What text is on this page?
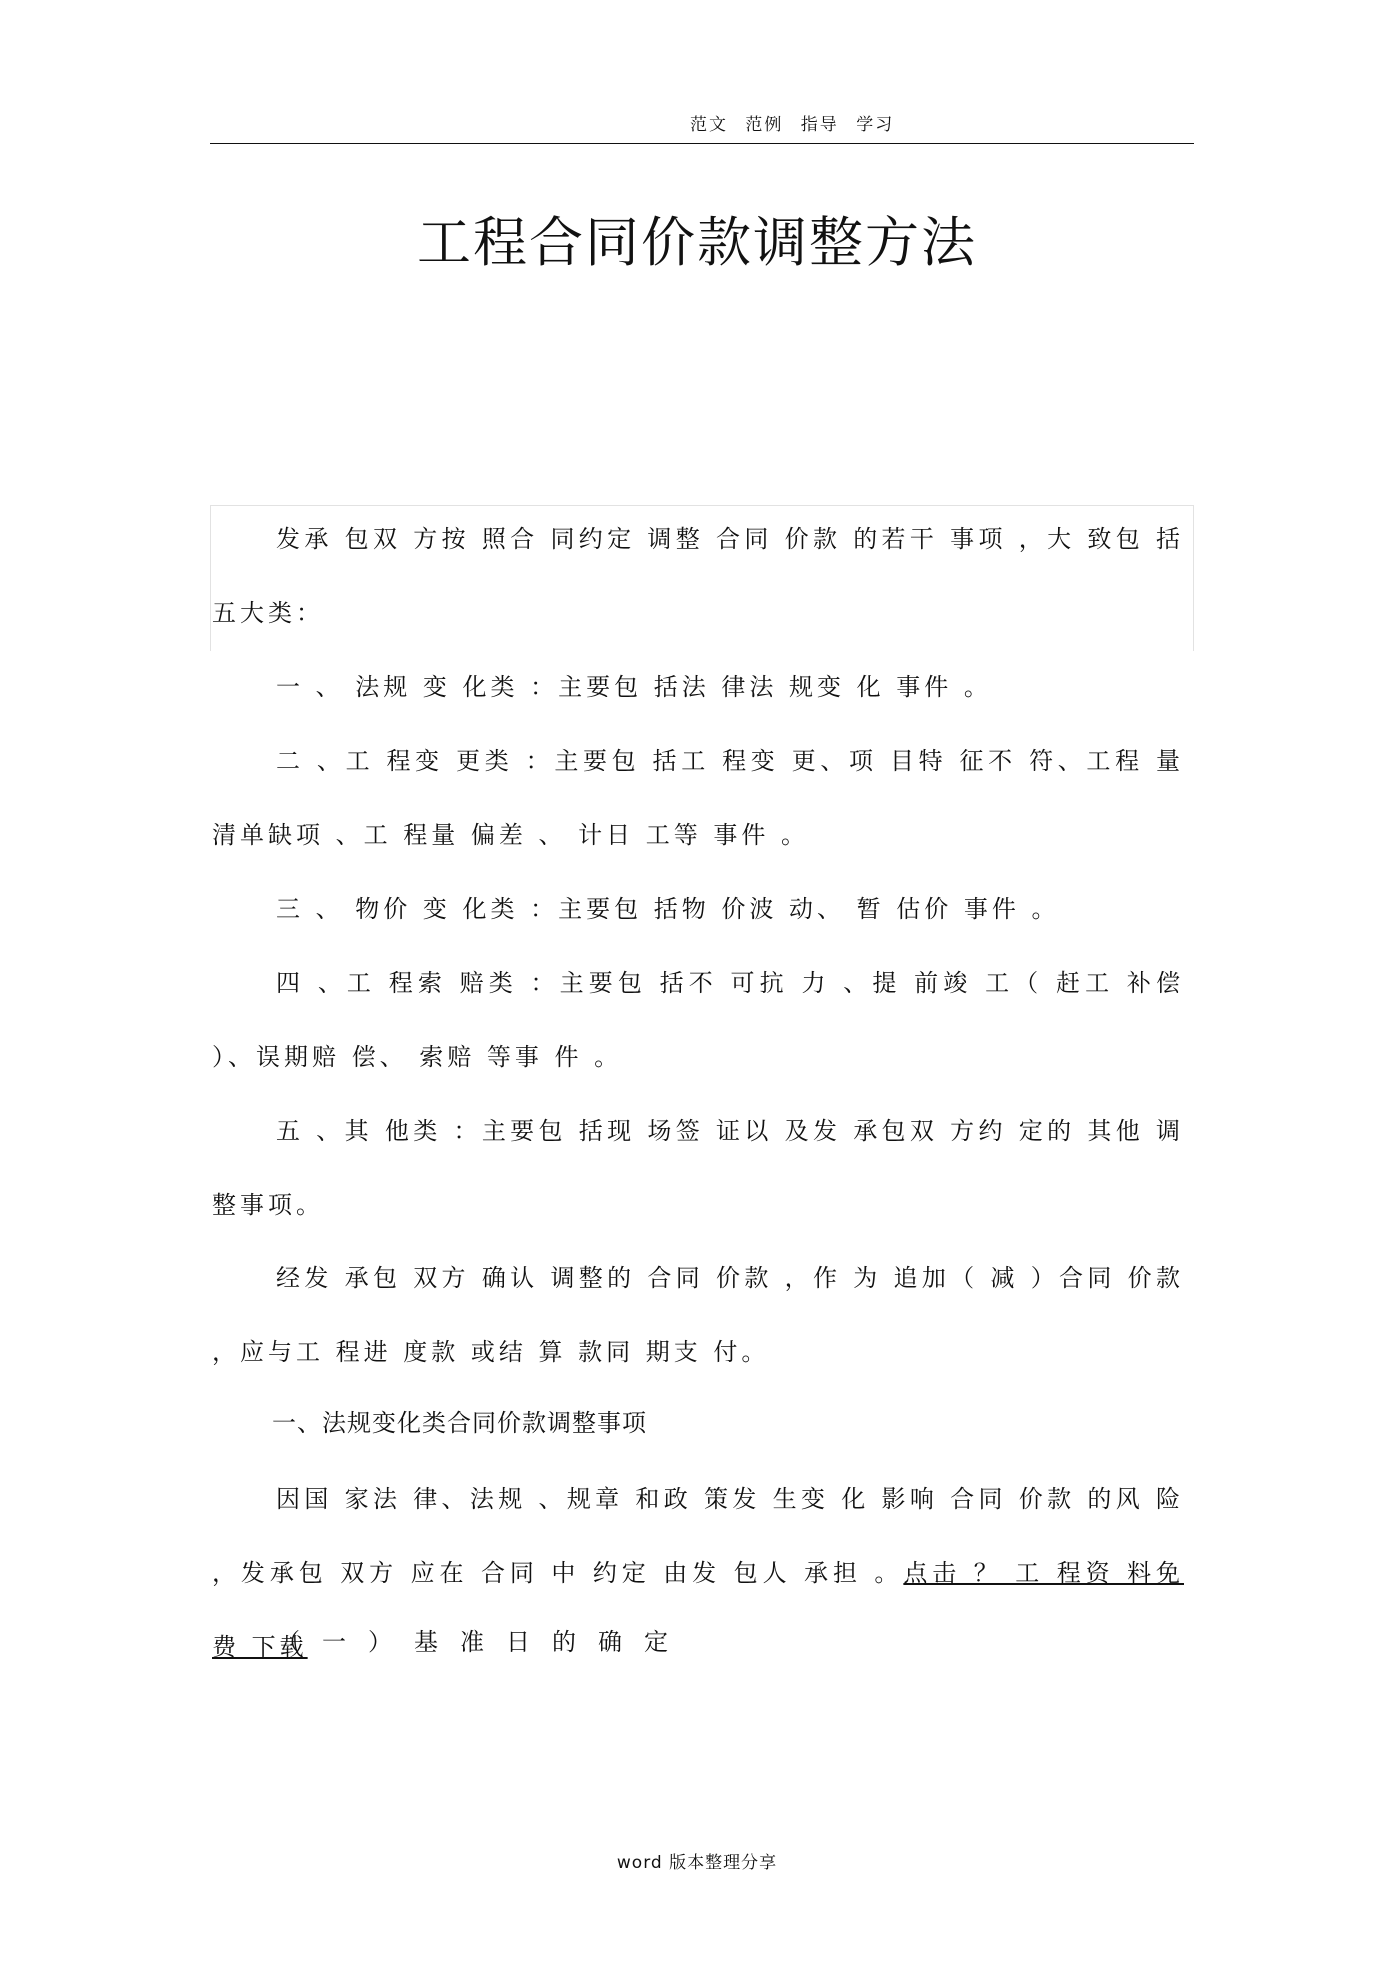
范文 范例 指导 学习
工程合同价款调整方法

发承 包双 方按 照合 同约定 调整 合同 价款 的若干 事项 ，大 致包 括 五大类：

一 、 法规 变 化类 ：主要包 括法 律法 规变 化 事件 。

二 、工 程变 更类 ：主要包 括工 程变 更、项 目特 征不 符、工程 量清单缺项 、工 程量 偏差 、 计日 工等 事件 。

三 、 物价 变 化类 ：主要包 括物 价波 动、 暂 估价 事件 。

四 、工 程索 赔类 ：主要包 括不 可抗 力 、提 前竣 工（ 赶工 补偿 ）、误期赔 偿、 索赔 等事 件 。

五 、其 他类 ：主要包 括现 场签 证以 及发 承包双 方约 定的 其他 调整事项。

经发 承包 双方 确认 调整的 合同 价款 ，作 为 追加（ 减 ）合同 价款 ，应与工 程进 度款 或结 算 款同 期支 付。

一、法规变化类合同价款调整事项

因国 家法 律、法规 、规章 和政 策发 生变 化 影响 合同 价款 的风 险 ，发承包 双方 应在 合同 中 约定 由发 包人 承担 。点击 ？ 工 程资 料免 费 下载

（一）基准日的确定

word 版本整理分享
